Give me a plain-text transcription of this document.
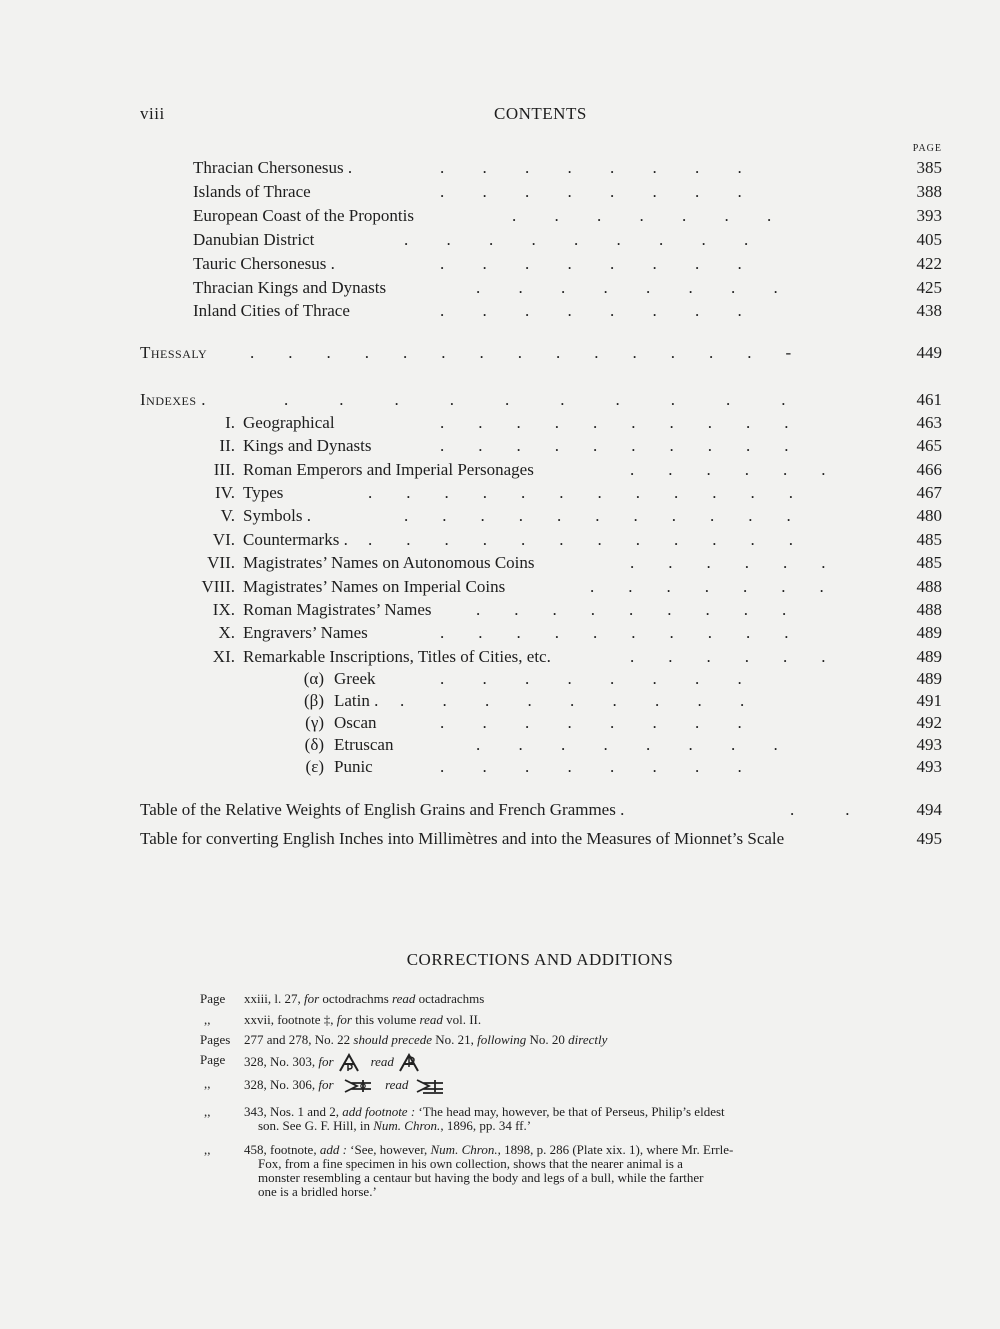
viii	CONTENTS
PAGE
Thracian Chersonesus .	.         .         .         .         .         .         .         .	385
Islands of Thrace	.         .         .         .         .         .         .         .	388
European Coast of the Propontis	.         .         .         .         .         .         .	393
Danubian District	.         .         .         .         .         .         .         .         .	405
Tauric Chersonesus .	.         .         .         .         .         .         .         .	422
Thracian Kings and Dynasts	.         .         .         .         .         .         .         .	425
Inland Cities of Thrace	.         .         .         .         .         .         .         .	438
Thessaly	.        .        .        .        .        .        .        .        .        .        .        .        .        .        -	449
Indexes .	.            .            .            .            .            .            .            .            .            .	461
I. Geographical	.        .        .        .        .        .        .        .        .        .	463
II. Kings and Dynasts	.        .        .        .        .        .        .        .        .        .	465
III. Roman Emperors and Imperial Personages	.        .        .        .        .        .	466
IV. Types	.        .        .        .        .        .        .        .        .        .        .        .	467
V. Symbols .	.        .        .        .        .        .        .        .        .        .        .	480
VI. Countermarks . .        .        .        .        .        .        .        .        .        .        .        .	485
VII. Magistrates’ Names on Autonomous Coins	.        .        .        .        .        .	485
VIII. Magistrates’ Names on Imperial Coins	.        .        .        .        .        .        .	488
IX. Roman Magistrates’ Names	.        .        .        .        .        .        .        .        .	488
X. Engravers’ Names	.        .        .        .        .        .        .        .        .        .	489
XI. Remarkable Inscriptions, Titles of Cities, etc.	.        .        .        .        .        .	489
(α) Greek	.         .         .         .         .         .         .         .	489
(β) Latin . .         .         .         .         .         .         .         .         .	491
(γ) Oscan	.         .         .         .         .         .         .         .	492
(δ) Etruscan	.         .         .         .         .         .         .         .	493
(ε) Punic	.         .         .         .         .         .         .         .	493
Table of the Relative Weights of English Grains and French Grammes .	.            .	494
Table for converting English Inches into Millimètres and into the Measures of Mionnet’s Scale	495
CORRECTIONS AND ADDITIONS
Page xxiii, l. 27, for octodrachms read octadrachms
,,	xxvii, footnote ‡, for this volume read vol. II.
Pages 277 and 278, No. 22 should precede No. 21, following No. 20 directly
Page 328, No. 303, for	read
,,	328, No. 306, for	read
,,	343, Nos. 1 and 2, add footnote : ‘The head may, however, be that of Perseus, Philip’s eldest
son. See G. F. Hill, in Num. Chron., 1896, pp. 34 ff.’
,,	458, footnote, add : ‘See, however, Num. Chron., 1898, p. 286 (Plate xix. 1), where Mr. Errle-
Fox, from a fine specimen in his own collection, shows that the nearer animal is a
monster resembling a centaur but having the body and legs of a bull, while the farther
one is a bridled horse.’
